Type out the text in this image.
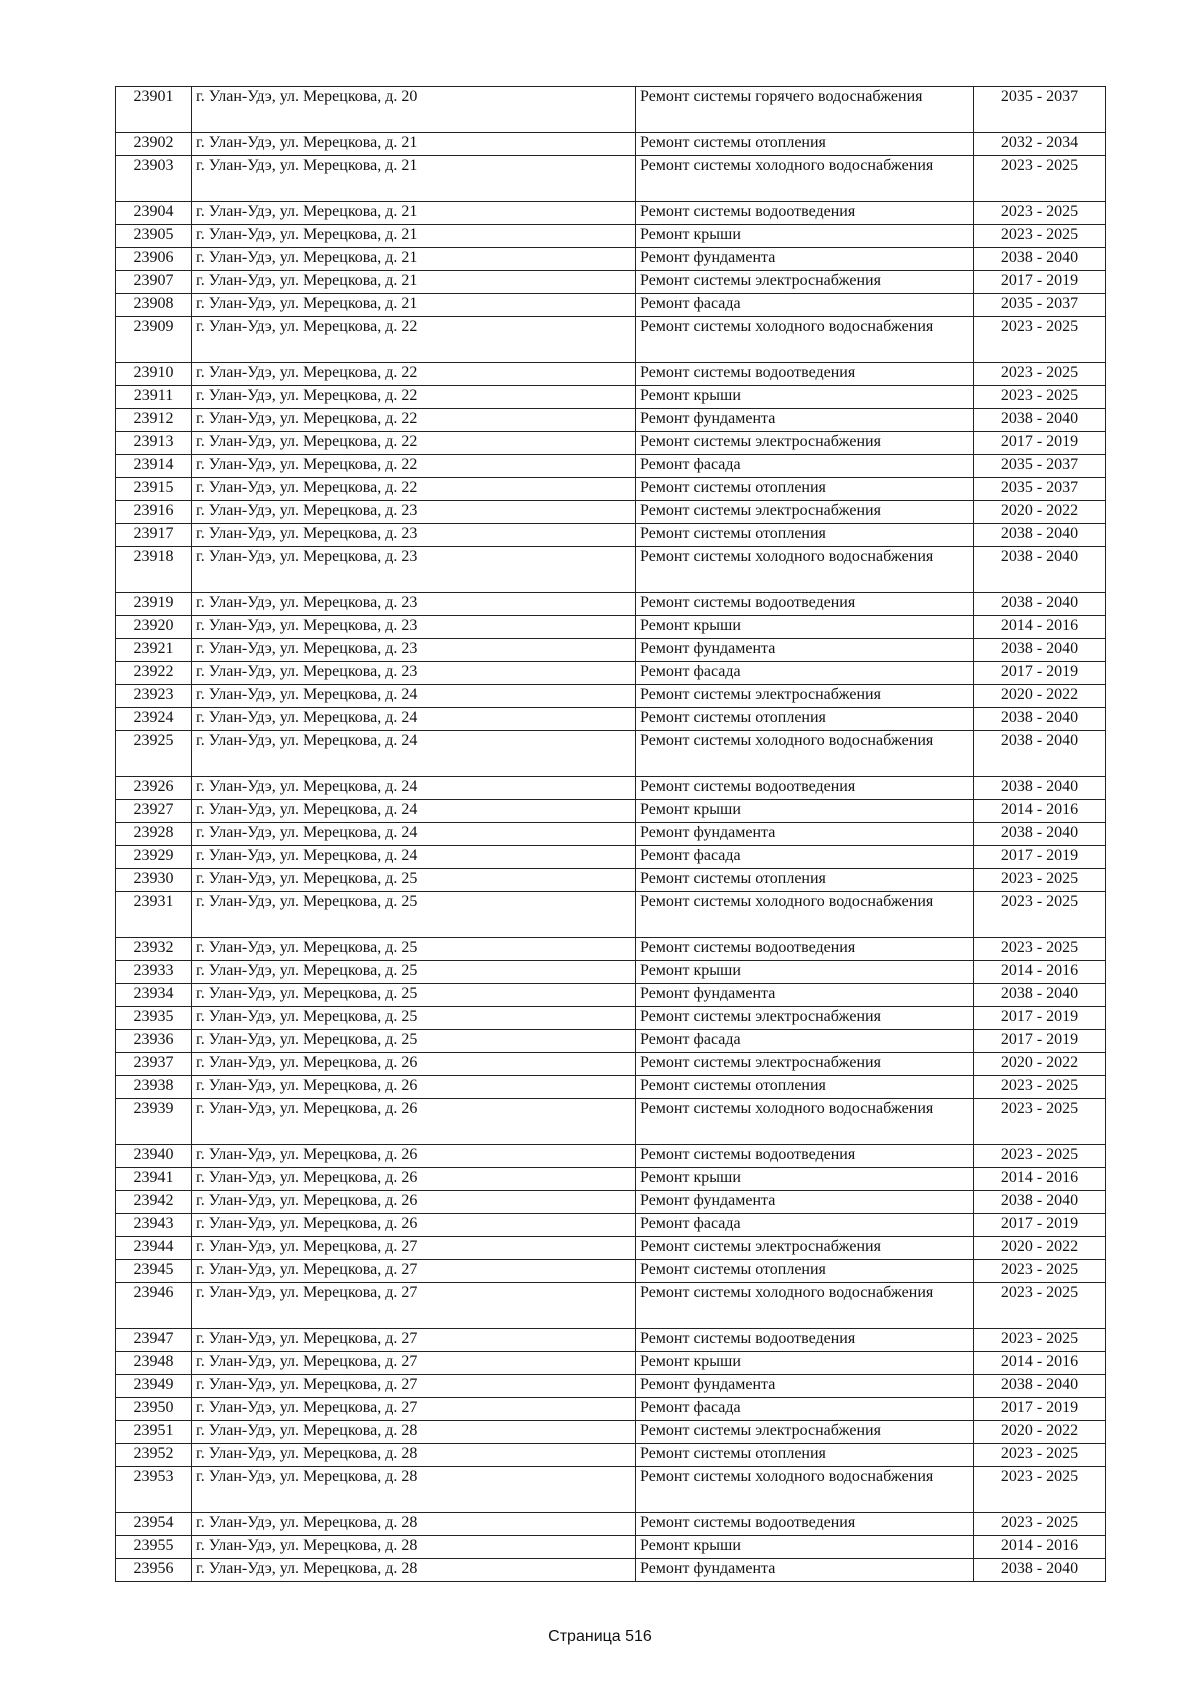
23901	г. Улан-Удэ, ул. Мерецкова, д. 20	Ремонт системы горячего водоснабжения	2035 - 2037
23902	г. Улан-Удэ, ул. Мерецкова, д. 21	Ремонт системы отопления	2032 - 2034
23903	г. Улан-Удэ, ул. Мерецкова, д. 21	Ремонт системы холодного водоснабжения	2023 - 2025
23904	г. Улан-Удэ, ул. Мерецкова, д. 21	Ремонт системы водоотведения	2023 - 2025
23905	г. Улан-Удэ, ул. Мерецкова, д. 21	Ремонт крыши	2023 - 2025
23906	г. Улан-Удэ, ул. Мерецкова, д. 21	Ремонт фундамента	2038 - 2040
23907	г. Улан-Удэ, ул. Мерецкова, д. 21	Ремонт системы электроснабжения	2017 - 2019
23908	г. Улан-Удэ, ул. Мерецкова, д. 21	Ремонт фасада	2035 - 2037
23909	г. Улан-Удэ, ул. Мерецкова, д. 22	Ремонт системы холодного водоснабжения	2023 - 2025
23910	г. Улан-Удэ, ул. Мерецкова, д. 22	Ремонт системы водоотведения	2023 - 2025
23911	г. Улан-Удэ, ул. Мерецкова, д. 22	Ремонт крыши	2023 - 2025
23912	г. Улан-Удэ, ул. Мерецкова, д. 22	Ремонт фундамента	2038 - 2040
23913	г. Улан-Удэ, ул. Мерецкова, д. 22	Ремонт системы электроснабжения	2017 - 2019
23914	г. Улан-Удэ, ул. Мерецкова, д. 22	Ремонт фасада	2035 - 2037
23915	г. Улан-Удэ, ул. Мерецкова, д. 22	Ремонт системы отопления	2035 - 2037
23916	г. Улан-Удэ, ул. Мерецкова, д. 23	Ремонт системы электроснабжения	2020 - 2022
23917	г. Улан-Удэ, ул. Мерецкова, д. 23	Ремонт системы отопления	2038 - 2040
23918	г. Улан-Удэ, ул. Мерецкова, д. 23	Ремонт системы холодного водоснабжения	2038 - 2040
23919	г. Улан-Удэ, ул. Мерецкова, д. 23	Ремонт системы водоотведения	2038 - 2040
23920	г. Улан-Удэ, ул. Мерецкова, д. 23	Ремонт крыши	2014 - 2016
23921	г. Улан-Удэ, ул. Мерецкова, д. 23	Ремонт фундамента	2038 - 2040
23922	г. Улан-Удэ, ул. Мерецкова, д. 23	Ремонт фасада	2017 - 2019
23923	г. Улан-Удэ, ул. Мерецкова, д. 24	Ремонт системы электроснабжения	2020 - 2022
23924	г. Улан-Удэ, ул. Мерецкова, д. 24	Ремонт системы отопления	2038 - 2040
23925	г. Улан-Удэ, ул. Мерецкова, д. 24	Ремонт системы холодного водоснабжения	2038 - 2040
23926	г. Улан-Удэ, ул. Мерецкова, д. 24	Ремонт системы водоотведения	2038 - 2040
23927	г. Улан-Удэ, ул. Мерецкова, д. 24	Ремонт крыши	2014 - 2016
23928	г. Улан-Удэ, ул. Мерецкова, д. 24	Ремонт фундамента	2038 - 2040
23929	г. Улан-Удэ, ул. Мерецкова, д. 24	Ремонт фасада	2017 - 2019
23930	г. Улан-Удэ, ул. Мерецкова, д. 25	Ремонт системы отопления	2023 - 2025
23931	г. Улан-Удэ, ул. Мерецкова, д. 25	Ремонт системы холодного водоснабжения	2023 - 2025
23932	г. Улан-Удэ, ул. Мерецкова, д. 25	Ремонт системы водоотведения	2023 - 2025
23933	г. Улан-Удэ, ул. Мерецкова, д. 25	Ремонт крыши	2014 - 2016
23934	г. Улан-Удэ, ул. Мерецкова, д. 25	Ремонт фундамента	2038 - 2040
23935	г. Улан-Удэ, ул. Мерецкова, д. 25	Ремонт системы электроснабжения	2017 - 2019
23936	г. Улан-Удэ, ул. Мерецкова, д. 25	Ремонт фасада	2017 - 2019
23937	г. Улан-Удэ, ул. Мерецкова, д. 26	Ремонт системы электроснабжения	2020 - 2022
23938	г. Улан-Удэ, ул. Мерецкова, д. 26	Ремонт системы отопления	2023 - 2025
23939	г. Улан-Удэ, ул. Мерецкова, д. 26	Ремонт системы холодного водоснабжения	2023 - 2025
23940	г. Улан-Удэ, ул. Мерецкова, д. 26	Ремонт системы водоотведения	2023 - 2025
23941	г. Улан-Удэ, ул. Мерецкова, д. 26	Ремонт крыши	2014 - 2016
23942	г. Улан-Удэ, ул. Мерецкова, д. 26	Ремонт фундамента	2038 - 2040
23943	г. Улан-Удэ, ул. Мерецкова, д. 26	Ремонт фасада	2017 - 2019
23944	г. Улан-Удэ, ул. Мерецкова, д. 27	Ремонт системы электроснабжения	2020 - 2022
23945	г. Улан-Удэ, ул. Мерецкова, д. 27	Ремонт системы отопления	2023 - 2025
23946	г. Улан-Удэ, ул. Мерецкова, д. 27	Ремонт системы холодного водоснабжения	2023 - 2025
23947	г. Улан-Удэ, ул. Мерецкова, д. 27	Ремонт системы водоотведения	2023 - 2025
23948	г. Улан-Удэ, ул. Мерецкова, д. 27	Ремонт крыши	2014 - 2016
23949	г. Улан-Удэ, ул. Мерецкова, д. 27	Ремонт фундамента	2038 - 2040
23950	г. Улан-Удэ, ул. Мерецкова, д. 27	Ремонт фасада	2017 - 2019
23951	г. Улан-Удэ, ул. Мерецкова, д. 28	Ремонт системы электроснабжения	2020 - 2022
23952	г. Улан-Удэ, ул. Мерецкова, д. 28	Ремонт системы отопления	2023 - 2025
23953	г. Улан-Удэ, ул. Мерецкова, д. 28	Ремонт системы холодного водоснабжения	2023 - 2025
23954	г. Улан-Удэ, ул. Мерецкова, д. 28	Ремонт системы водоотведения	2023 - 2025
23955	г. Улан-Удэ, ул. Мерецкова, д. 28	Ремонт крыши	2014 - 2016
23956	г. Улан-Удэ, ул. Мерецкова, д. 28	Ремонт фундамента	2038 - 2040
Страница 516
